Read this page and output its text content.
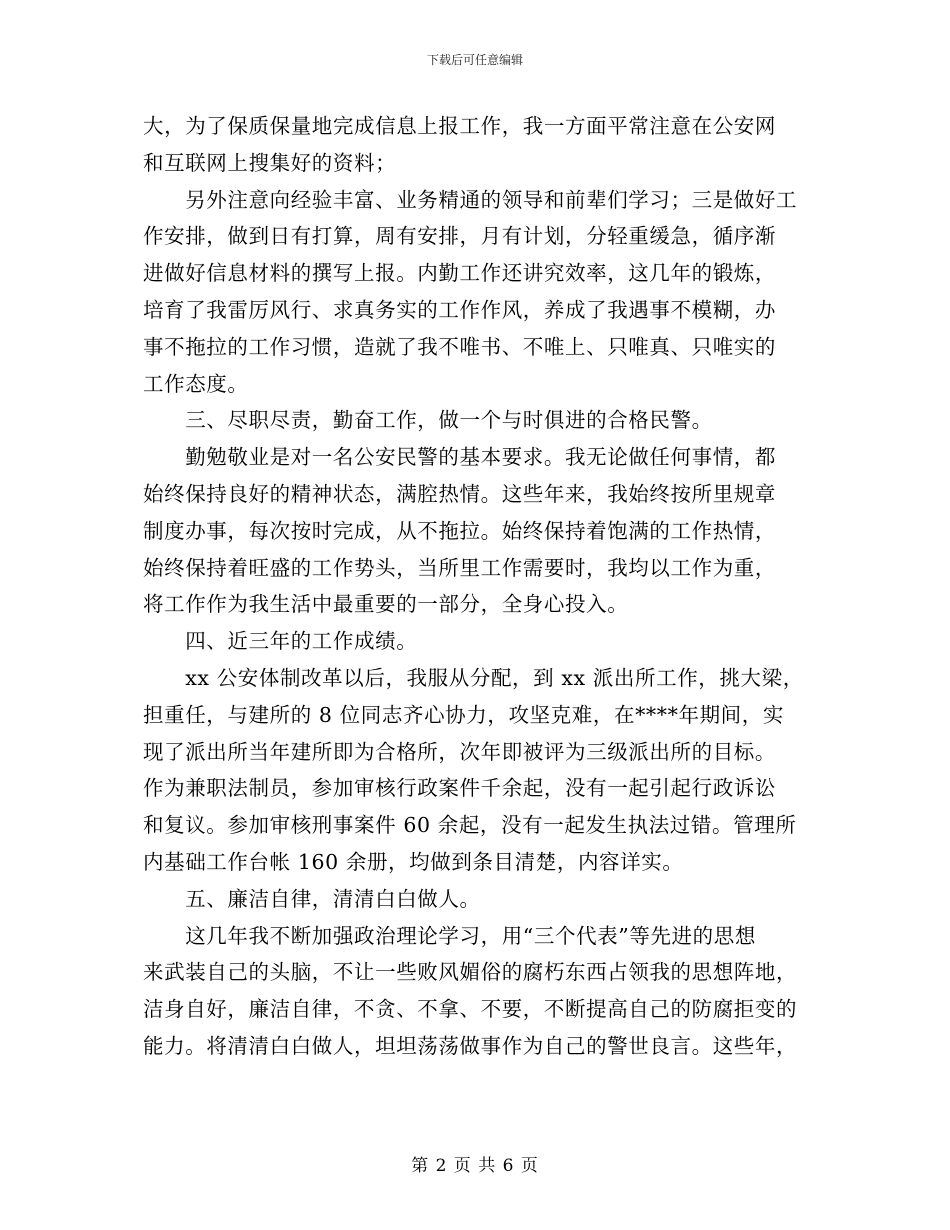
下载后可任意编辑

大，为了保质保量地完成信息上报工作，我一方面平常注意在公安网
和互联网上搜集好的资料；

　　另外注意向经验丰富、业务精通的领导和前辈们学习；三是做好工
作安排，做到日有打算，周有安排，月有计划，分轻重缓急，循序渐
进做好信息材料的撰写上报。内勤工作还讲究效率，这几年的锻炼，
培育了我雷厉风行、求真务实的工作作风，养成了我遇事不模糊，办
事不拖拉的工作习惯，造就了我不唯书、不唯上、只唯真、只唯实的
工作态度。

　　三、尽职尽责，勤奋工作，做一个与时俱进的合格民警。

　　勤勉敬业是对一名公安民警的基本要求。我无论做任何事情，都
始终保持良好的精神状态，满腔热情。这些年来，我始终按所里规章
制度办事，每次按时完成，从不拖拉。始终保持着饱满的工作热情，
始终保持着旺盛的工作势头，当所里工作需要时，我均以工作为重，
将工作作为我生活中最重要的一部分，全身心投入。

　　四、近三年的工作成绩。

　　xx 公安体制改革以后，我服从分配，到 xx 派出所工作，挑大梁，
担重任，与建所的 8 位同志齐心协力，攻坚克难，在****年期间，实
现了派出所当年建所即为合格所，次年即被评为三级派出所的目标。
作为兼职法制员，参加审核行政案件千余起，没有一起引起行政诉讼
和复议。参加审核刑事案件 60 余起，没有一起发生执法过错。管理所
内基础工作台帐 160 余册，均做到条目清楚，内容详实。

　　五、廉洁自律，清清白白做人。

　　这几年我不断加强政治理论学习，用“三个代表”等先进的思想
来武装自己的头脑，不让一些败风媚俗的腐朽东西占领我的思想阵地，
洁身自好，廉洁自律，不贪、不拿、不要，不断提高自己的防腐拒变的
能力。将清清白白做人，坦坦荡荡做事作为自己的警世良言。这些年，

第 2 页 共 6 页
